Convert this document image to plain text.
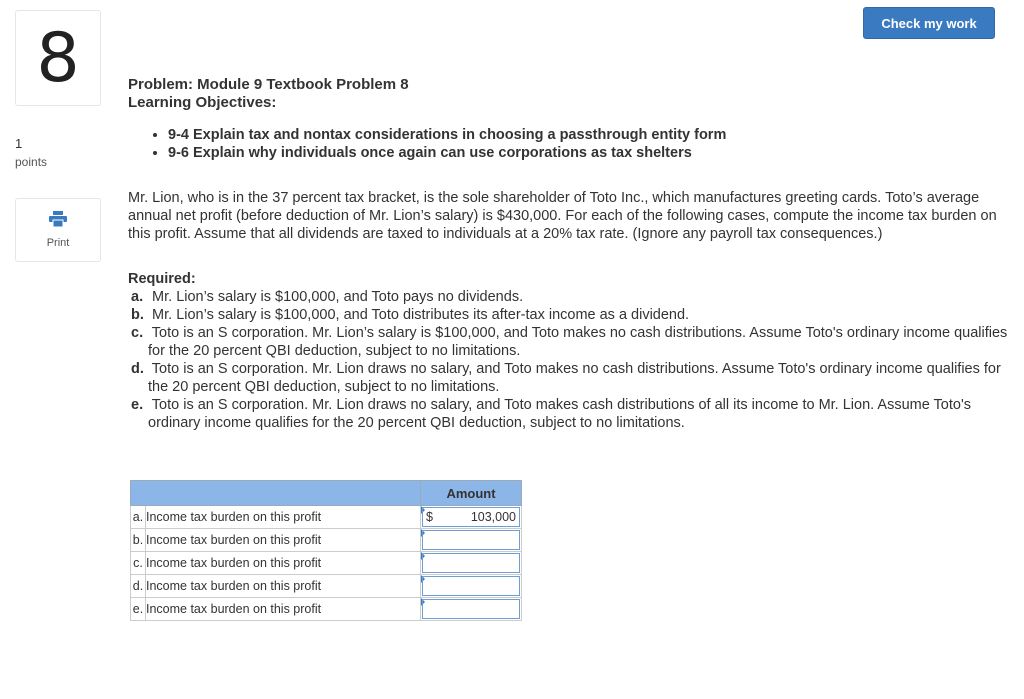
8
1
points
Print
Check my work
Problem: Module 9 Textbook Problem 8
Learning Objectives:
• 9-4 Explain tax and nontax considerations in choosing a passthrough entity form
• 9-6 Explain why individuals once again can use corporations as tax shelters
Mr. Lion, who is in the 37 percent tax bracket, is the sole shareholder of Toto Inc., which manufactures greeting cards. Toto’s average annual net profit (before deduction of Mr. Lion’s salary) is $430,000. For each of the following cases, compute the income tax burden on this profit. Assume that all dividends are taxed to individuals at a 20% tax rate. (Ignore any payroll tax consequences.)
Required:
a. Mr. Lion’s salary is $100,000, and Toto pays no dividends.
b. Mr. Lion’s salary is $100,000, and Toto distributes its after-tax income as a dividend.
c. Toto is an S corporation. Mr. Lion’s salary is $100,000, and Toto makes no cash distributions. Assume Toto's ordinary income qualifies for the 20 percent QBI deduction, subject to no limitations.
d. Toto is an S corporation. Mr. Lion draws no salary, and Toto makes no cash distributions. Assume Toto's ordinary income qualifies for the 20 percent QBI deduction, subject to no limitations.
e. Toto is an S corporation. Mr. Lion draws no salary, and Toto makes cash distributions of all its income to Mr. Lion. Assume Toto's ordinary income qualifies for the 20 percent QBI deduction, subject to no limitations.
		Amount
a.	Income tax burden on this profit	$ 103,000

b.	Income tax burden on this profit	

c.	Income tax burden on this profit	

d.	Income tax burden on this profit	

e.	Income tax burden on this profit	
